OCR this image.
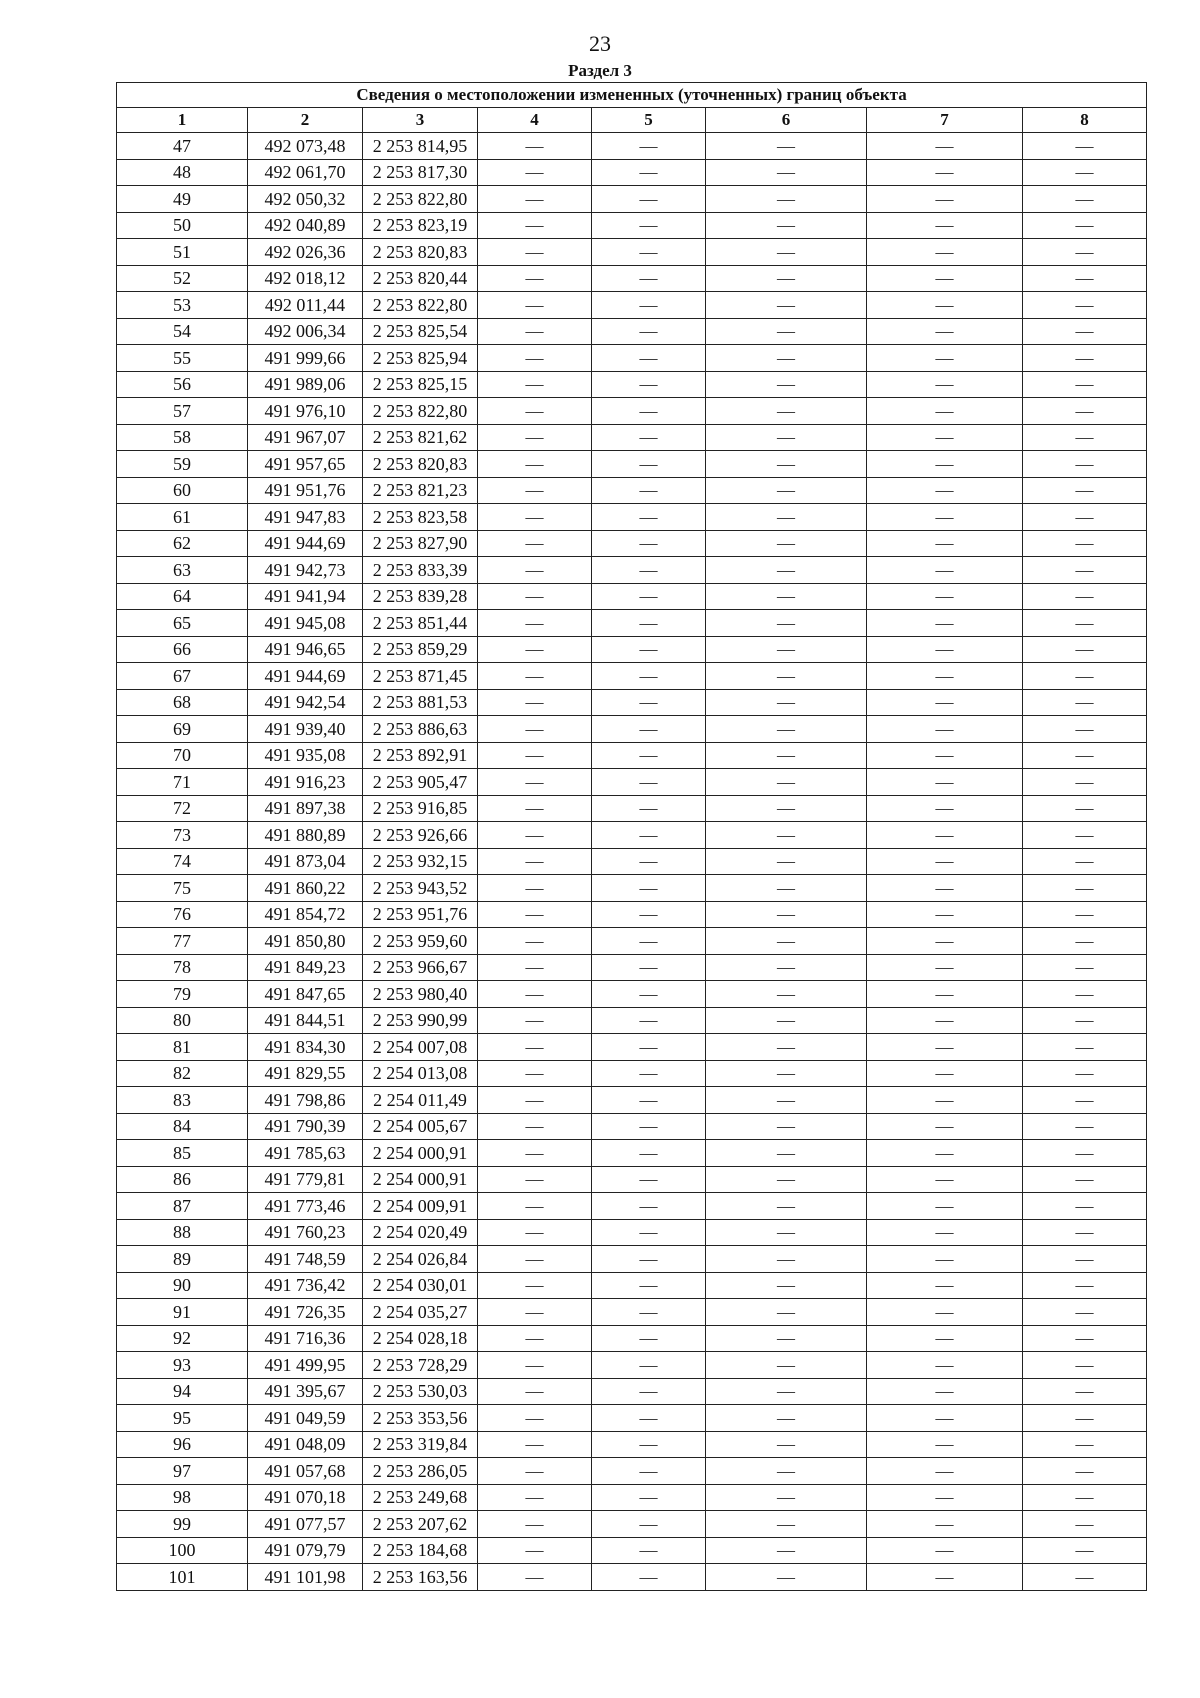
23
Раздел 3
Сведения о местоположении измененных (уточненных) границ объекта							
1	2	3	4	5	6	7	8
47	492 073,48	2 253 814,95	—	—	—	—	—
48	492 061,70	2 253 817,30	—	—	—	—	—
49	492 050,32	2 253 822,80	—	—	—	—	—
50	492 040,89	2 253 823,19	—	—	—	—	—
51	492 026,36	2 253 820,83	—	—	—	—	—
52	492 018,12	2 253 820,44	—	—	—	—	—
53	492 011,44	2 253 822,80	—	—	—	—	—
54	492 006,34	2 253 825,54	—	—	—	—	—
55	491 999,66	2 253 825,94	—	—	—	—	—
56	491 989,06	2 253 825,15	—	—	—	—	—
57	491 976,10	2 253 822,80	—	—	—	—	—
58	491 967,07	2 253 821,62	—	—	—	—	—
59	491 957,65	2 253 820,83	—	—	—	—	—
60	491 951,76	2 253 821,23	—	—	—	—	—
61	491 947,83	2 253 823,58	—	—	—	—	—
62	491 944,69	2 253 827,90	—	—	—	—	—
63	491 942,73	2 253 833,39	—	—	—	—	—
64	491 941,94	2 253 839,28	—	—	—	—	—
65	491 945,08	2 253 851,44	—	—	—	—	—
66	491 946,65	2 253 859,29	—	—	—	—	—
67	491 944,69	2 253 871,45	—	—	—	—	—
68	491 942,54	2 253 881,53	—	—	—	—	—
69	491 939,40	2 253 886,63	—	—	—	—	—
70	491 935,08	2 253 892,91	—	—	—	—	—
71	491 916,23	2 253 905,47	—	—	—	—	—
72	491 897,38	2 253 916,85	—	—	—	—	—
73	491 880,89	2 253 926,66	—	—	—	—	—
74	491 873,04	2 253 932,15	—	—	—	—	—
75	491 860,22	2 253 943,52	—	—	—	—	—
76	491 854,72	2 253 951,76	—	—	—	—	—
77	491 850,80	2 253 959,60	—	—	—	—	—
78	491 849,23	2 253 966,67	—	—	—	—	—
79	491 847,65	2 253 980,40	—	—	—	—	—
80	491 844,51	2 253 990,99	—	—	—	—	—
81	491 834,30	2 254 007,08	—	—	—	—	—
82	491 829,55	2 254 013,08	—	—	—	—	—
83	491 798,86	2 254 011,49	—	—	—	—	—
84	491 790,39	2 254 005,67	—	—	—	—	—
85	491 785,63	2 254 000,91	—	—	—	—	—
86	491 779,81	2 254 000,91	—	—	—	—	—
87	491 773,46	2 254 009,91	—	—	—	—	—
88	491 760,23	2 254 020,49	—	—	—	—	—
89	491 748,59	2 254 026,84	—	—	—	—	—
90	491 736,42	2 254 030,01	—	—	—	—	—
91	491 726,35	2 254 035,27	—	—	—	—	—
92	491 716,36	2 254 028,18	—	—	—	—	—
93	491 499,95	2 253 728,29	—	—	—	—	—
94	491 395,67	2 253 530,03	—	—	—	—	—
95	491 049,59	2 253 353,56	—	—	—	—	—
96	491 048,09	2 253 319,84	—	—	—	—	—
97	491 057,68	2 253 286,05	—	—	—	—	—
98	491 070,18	2 253 249,68	—	—	—	—	—
99	491 077,57	2 253 207,62	—	—	—	—	—
100	491 079,79	2 253 184,68	—	—	—	—	—
101	491 101,98	2 253 163,56	—	—	—	—	—
